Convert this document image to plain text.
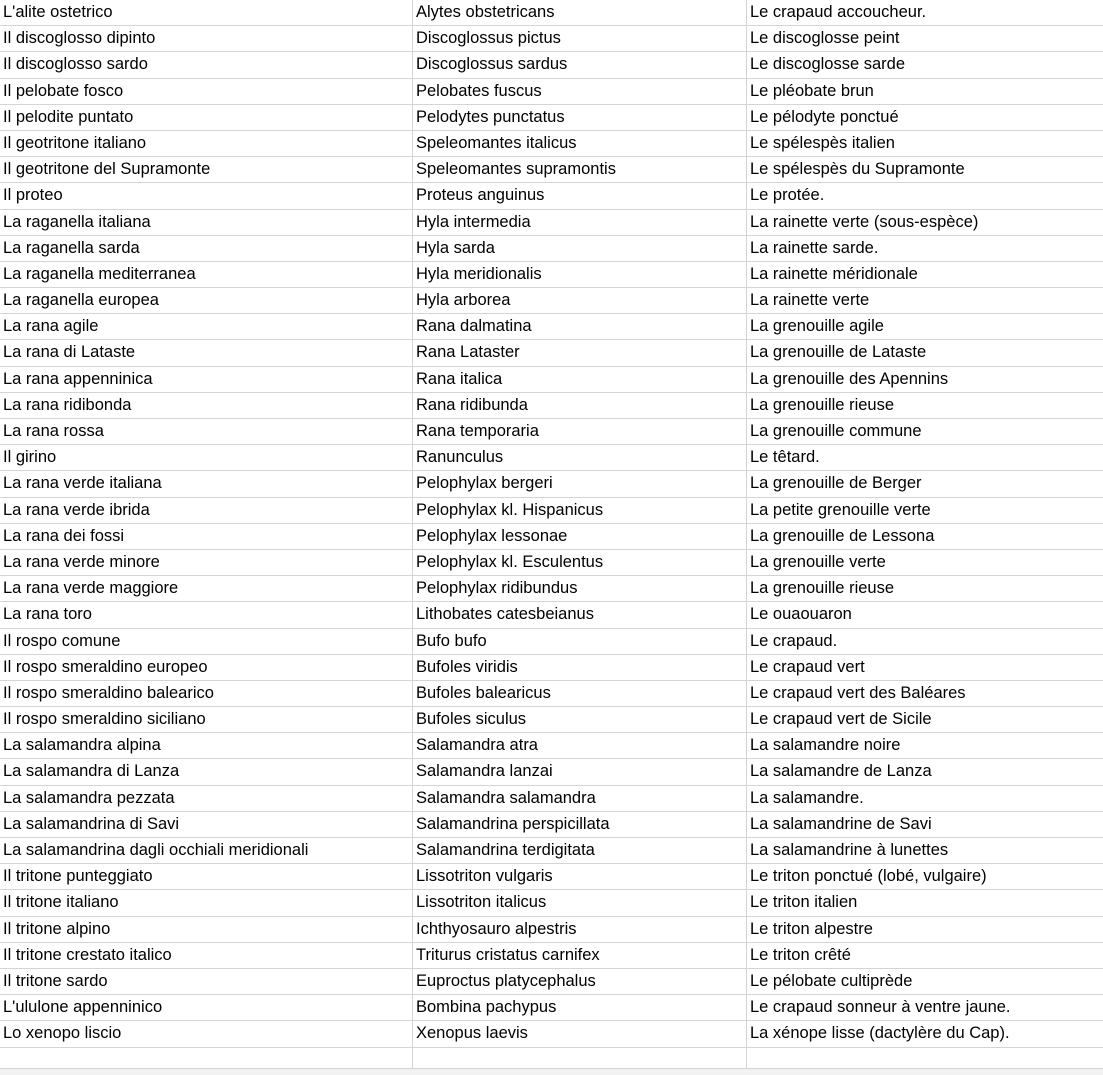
L'alite ostetrico	Alytes obstetricans	Le crapaud accoucheur.
Il discoglosso dipinto	Discoglossus pictus	Le discoglosse peint
Il discoglosso sardo	Discoglossus sardus	Le discoglosse sarde
Il pelobate fosco	Pelobates fuscus	Le pléobate brun
Il pelodite puntato	Pelodytes punctatus	Le pélodyte ponctué
Il geotritone italiano	Speleomantes italicus	Le spélespès italien
Il geotritone del Supramonte	Speleomantes supramontis	Le spélespès du Supramonte
Il proteo	Proteus anguinus	Le protée.
La raganella italiana	Hyla intermedia	La rainette verte (sous-espèce)
La raganella sarda	Hyla sarda	La rainette sarde.
La raganella mediterranea	Hyla meridionalis	La rainette méridionale
La raganella europea	Hyla arborea	La rainette verte
La rana agile	Rana dalmatina	La grenouille agile
La rana di Lataste	Rana Lataster	La grenouille de Lataste
La rana appenninica	Rana italica	La grenouille des Apennins
La rana ridibonda	Rana ridibunda	La grenouille rieuse
La rana rossa	Rana temporaria	La grenouille commune
Il girino	Ranunculus	Le têtard.
La rana verde italiana	Pelophylax bergeri	La grenouille de Berger
La rana verde ibrida	Pelophylax kl. Hispanicus	La petite grenouille verte
La rana dei fossi	Pelophylax lessonae	La grenouille de Lessona
La rana verde minore	Pelophylax kl. Esculentus	La grenouille verte
La rana verde maggiore	Pelophylax ridibundus	La grenouille rieuse
La rana toro	Lithobates catesbeianus	Le ouaouaron
Il rospo comune	Bufo bufo	Le crapaud.
Il rospo smeraldino europeo	Bufoles viridis	Le crapaud vert
Il rospo smeraldino balearico	Bufoles balearicus	Le crapaud vert des Baléares
Il rospo smeraldino siciliano	Bufoles siculus	Le crapaud vert de Sicile
La salamandra alpina	Salamandra atra	La salamandre noire
La salamandra di Lanza	Salamandra lanzai	La salamandre de Lanza
La salamandra pezzata	Salamandra salamandra	La salamandre.
La salamandrina di Savi	Salamandrina perspicillata	La salamandrine de Savi
La salamandrina dagli occhiali meridionali	Salamandrina terdigitata	La salamandrine à lunettes
Il tritone punteggiato	Lissotriton vulgaris	Le triton ponctué (lobé, vulgaire)
Il tritone italiano	Lissotriton italicus	Le triton italien
Il tritone alpino	Ichthyosauro alpestris	Le triton alpestre
Il tritone crestato italico	Triturus cristatus carnifex	Le triton crêté
Il tritone sardo	Euproctus platycephalus	Le pélobate cultiprède
L'ululone appenninico	Bombina pachypus	Le crapaud sonneur à ventre jaune.
Lo xenopo liscio	Xenopus laevis	La xénope lisse (dactylère du Cap).
